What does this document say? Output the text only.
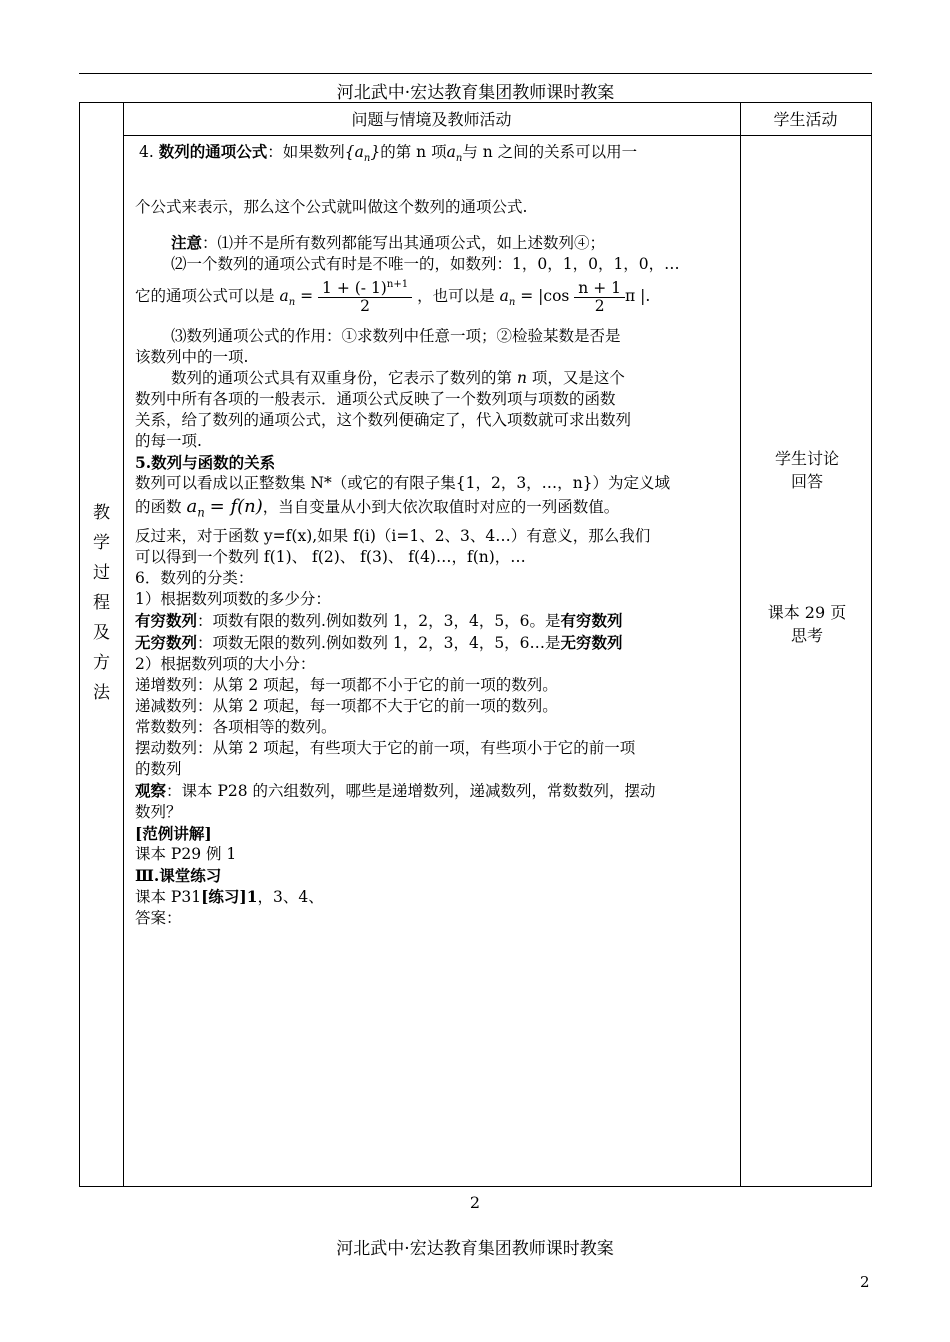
河北武中·宏达教育集团教师课时教案
问题与情境及教师活动	学生活动
教
学
过
程
及
方
法

4. 数列的通项公式：如果数列$\{a_n\}$的第 n 项$a_n$与 n 之间的关系可以用一

个公式来表示，那么这个公式就叫做这个数列的通项公式.

注意：⑴并不是所有数列都能写出其通项公式，如上述数列④；

⑵一个数列的通项公式有时是不唯一的，如数列：1，0，1，0，1，0，…

它的通项公式可以是 $a_n = \frac{1 + (- 1)^{n+1}}{2}$ ，也可以是 $a_n = |\cos \frac{n + 1}{2}$ π |.

⑶数列通项公式的作用：①求数列中任意一项；②检验某数是否是

该数列中的一项.

数列的通项公式具有双重身份，它表示了数列的第 n 项，又是这个

数列中所有各项的一般表示．通项公式反映了一个数列项与项数的函数

关系，给了数列的通项公式，这个数列便确定了，代入项数就可求出数列

的每一项.

5.数列与函数的关系

数列可以看成以正整数集 N*（或它的有限子集{1，2，3，…，n}）为定义域

的函数 $a_n = f(n)$，当自变量从小到大依次取值时对应的一列函数值。

反过来，对于函数 y=f(x),如果 f(i)（i=1、2、3、4…）有意义，那么我们

可以得到一个数列 f(1)、 f(2)、 f(3)、 f(4)…，f(n)，…

6．数列的分类：

1）根据数列项数的多少分：

有穷数列：项数有限的数列.例如数列 1，2，3，4，5，6。是有穷数列

无穷数列：项数无限的数列.例如数列 1，2，3，4，5，6…是无穷数列

2）根据数列项的大小分：

递增数列：从第 2 项起，每一项都不小于它的前一项的数列。

递减数列：从第 2 项起，每一项都不大于它的前一项的数列。

常数数列：各项相等的数列。

摆动数列：从第 2 项起，有些项大于它的前一项，有些项小于它的前一项

的数列

观察：课本 P28 的六组数列，哪些是递增数列，递减数列，常数数列，摆动

数列？

[范例讲解]

课本 P29 例 1

Ⅲ.课堂练习

课本 P31[练习]1，3、4、

答案：

学生讨论
回答
课本 29 页
思考
2
河北武中·宏达教育集团教师课时教案
2
